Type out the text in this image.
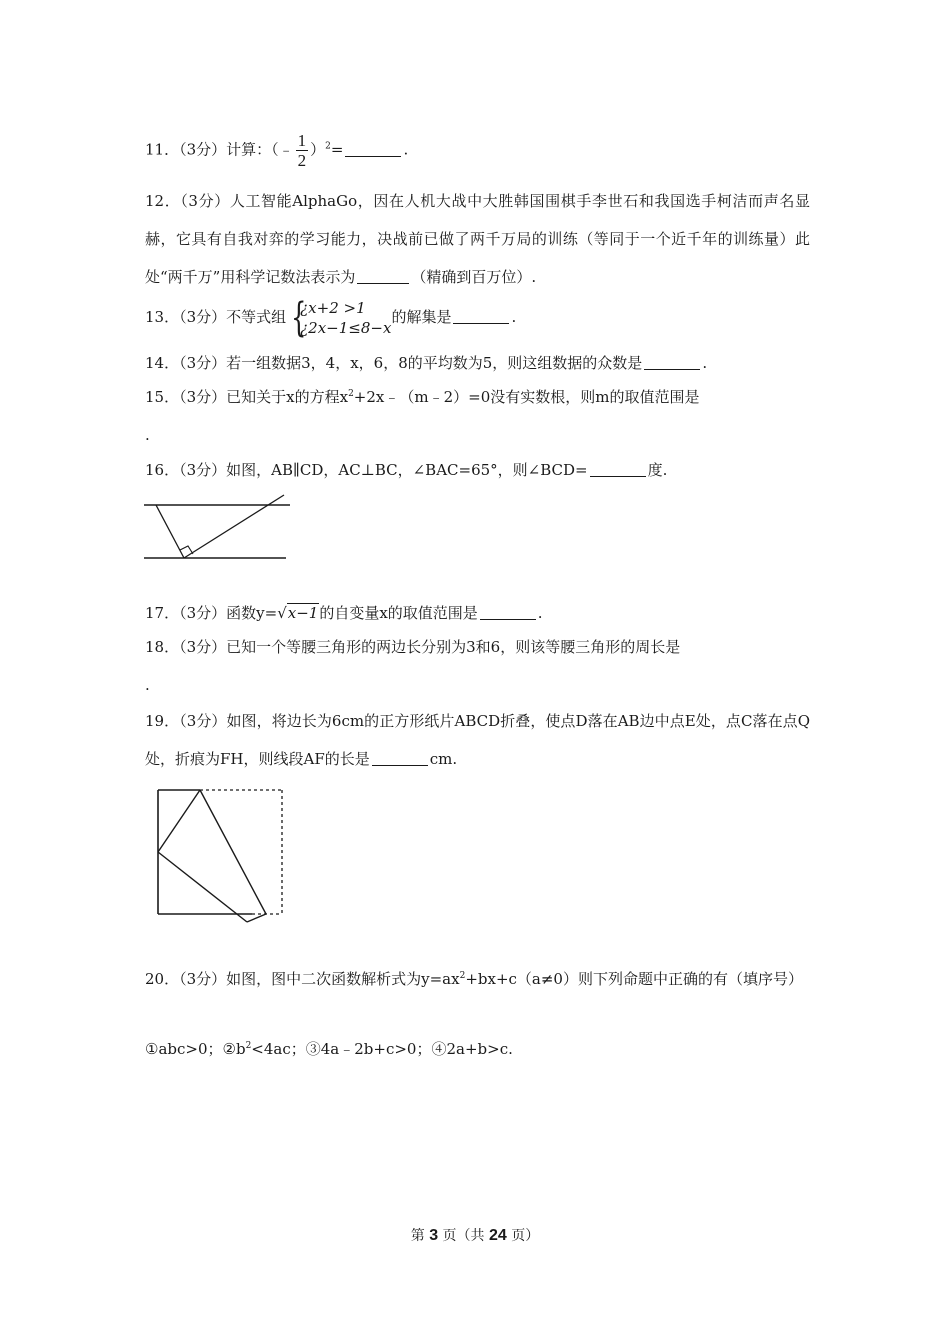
11．（3分）计算：（﹣ $\frac{1}{2} )^2=$	.
12．（3分）人工智能AlphaGo，因在人机大战中大胜韩国围棋手李世石和我国选手柯洁而声名显赫，它具有自我对弈的学习能力，决战前已做了两千万局的训练（等同于一个近千年的训练量）此处“两千万”用科学记数法表示为	（精确到百万位）.
13．（3分）不等式组 {
¿x+2 >1
¿2x−1≤8−x
的解集是	.
14．（3分）若一组数据3，4，x，6，8的平均数为5，则这组数据的众数是	.
15．（3分）已知关于x的方程$x^2+2x﹣(m﹣2)=0$没有实数根，则m的取值范围是
.
16．（3分）如图，AB∥CD，AC⊥BC，∠BAC=65°，则∠BCD=	度.
17．（3分）函数y=√x−1的自变量x的取值范围是	.
18．（3分）已知一个等腰三角形的两边长分别为3和6，则该等腰三角形的周长是
.
19．（3分）如图，将边长为6cm的正方形纸片ABCD折叠，使点D落在AB边中点E处，点C落在点Q处，折痕为FH，则线段AF的长是	cm.
20．（3分）如图，图中二次函数解析式为$y=ax^2+bx+c(a\ne 0)$则下列命题中正确的有（填序号）
①abc>0；$②b^2<4ac$；③4a﹣2b+c>0；④2a+b>c.
第 3 页（共 24 页）
